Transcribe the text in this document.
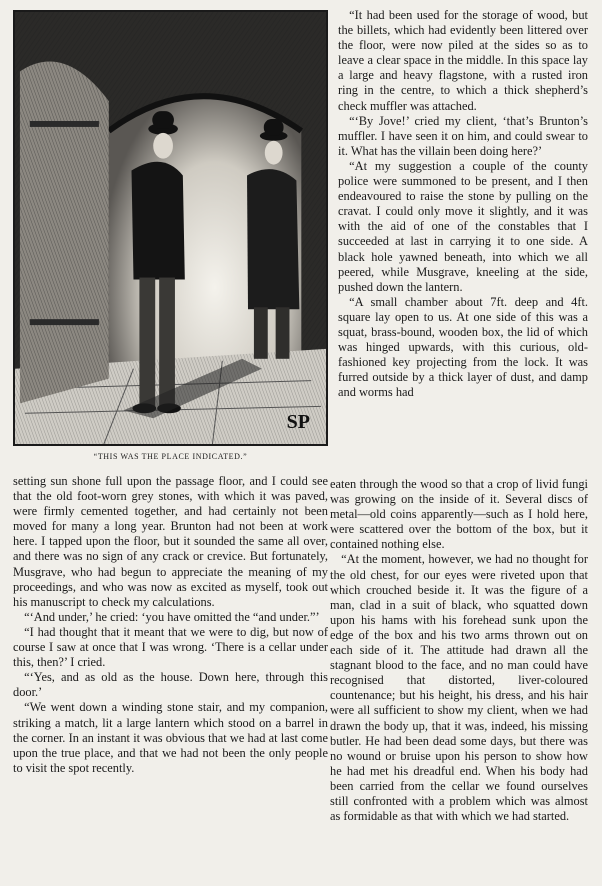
SP
“THIS WAS THE PLACE INDICATED.”

“It had been used for the storage of wood, but the billets, which had evidently been littered over the floor, were now piled at the sides so as to leave a clear space in the middle. In this space lay a large and heavy flagstone, with a rusted iron ring in the centre, to which a thick shepherd’s check muffler was attached.

“‘By Jove!’ cried my client, ‘that’s Brunton’s muffler. I have seen it on him, and could swear to it. What has the villain been doing here?’

“At my suggestion a couple of the county police were summoned to be present, and I then endeavoured to raise the stone by pulling on the cravat. I could only move it slightly, and it was with the aid of one of the constables that I succeeded at last in carrying it to one side. A black hole yawned beneath, into which we all peered, while Musgrave, kneeling at the side, pushed down the lantern.

“A small chamber about 7ft. deep and 4ft. square lay open to us. At one side of this was a squat, brass-bound, wooden box, the lid of which was hinged upwards, with this curious, old-fashioned key projecting from the lock. It was furred outside by a thick layer of dust, and damp and worms had

setting sun shone full upon the passage floor, and I could see that the old foot-worn grey stones, with which it was paved, were firmly cemented together, and had certainly not been moved for many a long year. Brunton had not been at work here. I tapped upon the floor, but it sounded the same all over, and there was no sign of any crack or crevice. But fortunately, Musgrave, who had begun to appreciate the meaning of my proceedings, and who was now as excited as myself, took out his manuscript to check my calculations.

“‘And under,’ he cried: ‘you have omitted the “and under.”’

“I had thought that it meant that we were to dig, but now of course I saw at once that I was wrong. ‘There is a cellar under this, then?’ I cried.

“‘Yes, and as old as the house. Down here, through this door.’

“We went down a winding stone stair, and my companion, striking a match, lit a large lantern which stood on a barrel in the corner. In an instant it was obvious that we had at last come upon the true place, and that we had not been the only people to visit the spot recently.

eaten through the wood so that a crop of livid fungi was growing on the inside of it. Several discs of metal—old coins apparently—such as I hold here, were scattered over the bottom of the box, but it contained nothing else.

“At the moment, however, we had no thought for the old chest, for our eyes were riveted upon that which crouched beside it. It was the figure of a man, clad in a suit of black, who squatted down upon his hams with his forehead sunk upon the edge of the box and his two arms thrown out on each side of it. The attitude had drawn all the stagnant blood to the face, and no man could have recognised that distorted, liver-coloured countenance; but his height, his dress, and his hair were all sufficient to show my client, when we had drawn the body up, that it was, indeed, his missing butler. He had been dead some days, but there was no wound or bruise upon his person to show how he had met his dreadful end. When his body had been carried from the cellar we found ourselves still confronted with a problem which was almost as formidable as that with which we had started.
